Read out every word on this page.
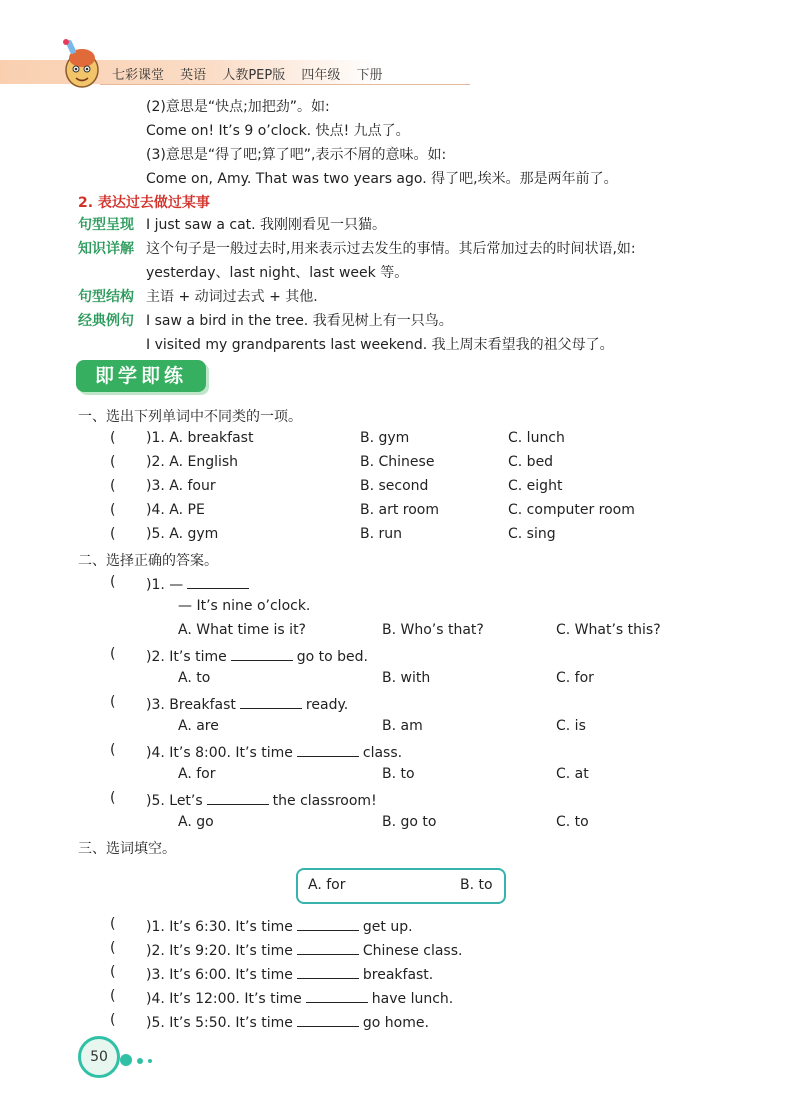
七彩课堂 英语 人教PEP版 四年级 下册
(2)意思是“快点;加把劲”。如:
Come on! It’s 9 o’clock. 快点! 九点了。
(3)意思是“得了吧;算了吧”,表示不屑的意味。如:
Come on, Amy. That was two years ago. 得了吧,埃米。那是两年前了。
2. 表达过去做过某事
句型呈现 I just saw a cat. 我刚刚看见一只猫。
知识详解 这个句子是一般过去时,用来表示过去发生的事情。其后常加过去的时间状语,如:
yesterday、last night、last week 等。
句型结构 主语 + 动词过去式 + 其他.
经典例句 I saw a bird in the tree. 我看见树上有一只鸟。
I visited my grandparents last weekend. 我上周末看望我的祖父母了。
即学即练
一、选出下列单词中不同类的一项。
( )1. A. breakfast	B. gym	C. lunch
( )2. A. English	B. Chinese	C. bed
( )3. A. four	B. second	C. eight
( )4. A. PE	B. art room	C. computer room
( )5. A. gym	B. run	C. sing
二、选择正确的答案。
( )1. —
— It’s nine o’clock.
A. What time is it?	B. Who’s that?	C. What’s this?
( )2. It’s time	go to bed.
A. to	B. with	C. for
( )3. Breakfast	ready.
A. are	B. am	C. is
( )4. It’s 8:00. It’s time	class.
A. for	B. to	C. at
( )5. Let’s	the classroom!
A. go	B. go to	C. to
三、选词填空。
A. for	B. to
( )1. It’s 6:30. It’s time	get up.
( )2. It’s 9:20. It’s time	Chinese class.
( )3. It’s 6:00. It’s time	breakfast.
( )4. It’s 12:00. It’s time	have lunch.
( )5. It’s 5:50. It’s time	go home.
50
